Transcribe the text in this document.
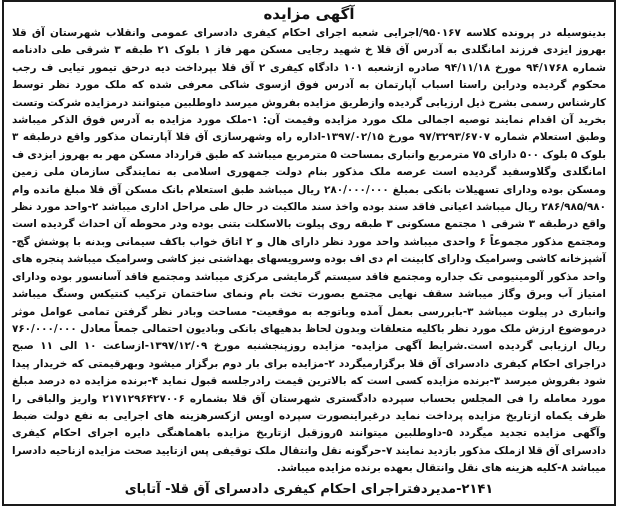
آگهی مزایده

بدینوسیله در پرونده کلاسه ۹۵۰۱۶۷/اجرایی شعبه اجرای احکام کیفری دادسرای عمومی وانقلاب شهرستان آق قلا بهروز ایزدی فرزند امانگلدی به آدرس آق قلا خ شهید رجایی مسکن مهر فاز ۱ بلوک ۲۱ طبقه ۳ شرقی طی دادنامه شماره ۹۴/۱۷۶۸ مورخ ۹۴/۱۱/۱۸ صادره ازشعبه ۱۰۱ دادگاه کیفری ۲ آق قلا بپرداخت دیه درحق تیمور تیایی ف رجب محکوم گردیده ودراین راستا اسباب آپارتمان به آدرس فوق ازسوی شاکی معرفی شده که ملک مورد نظر توسط کارشناس رسمی بشرح ذیل ارزیابی گردیده وازطریق مزایده بفروش میرسد داوطلبین میتوانند درمزایده شرکت وتست بخرید آن اقدام نمایند توصیه اجمالی ملک مورد مزایده وقیمت آن: ۱-ملک مورد مزایده به آدرس فوق الذکر میباشد وطبق استعلام شماره ۹۷/۳۲۹۳/۶۷۰۷ مورخ ۱۳۹۷/۰۲/۱۵-اداره راه وشهرسازی آق قلا آپارتمان مذکور واقع درطبقه ۳ بلوک ۵ بلوک ۵۰۰ دارای ۷۵ مترمربع وانباری بمساحت ۵ مترمربع میباشد که طبق قرارداد مسکن مهر به بهروز ایزدی ف امانگلدی وگلاوسفید گردیده است عرصه ملک مذکور بنام دولت جمهوری اسلامی به نمایندگی سازمان ملی زمین ومسکن بوده ودارای تسهیلات بانکی بمبلغ ۲۸۰/۰۰۰/۰۰۰ ریال میباشد طبق استعلام بانک مسکن آق قلا مبلغ مانده وام ۲۸۶/۹۸۵/۹۸۰ ریال میباشد اعیانی فاقد سند بوده واخذ سند مالکیت در حال طی مراحل اداری میباشد ۲-واحد مورد نظر واقع درطبقه ۳ شرقی ۱ مجتمع مسکونی ۳ طبقه روی پیلوت بالاسکلت بتنی بوده ودر محوطه آن احداث گردیده است ومجتمع مذکور مجموعاً ۶ واحدی میباشد واحد مورد نظر دارای هال و ۲ اتاق خواب باکف سیمانی وبدنه با پوشش گچ- آشپزخانه کاشی وسرامیک ودارای کابینت ام دی اف بوده وسرویسهای بهداشتی نیز کاشی وسرامیک میباشد پنجره های واحد مذکور آلومینیومی تک جداره ومجتمع فاقد سیستم گرمایشی مرکزی میباشد ومجتمع فاقد آسانسور بوده ودارای امتیاز آب وبرق وگاز میباشد سقف نهایی مجتمع بصورت تخت بام ونمای ساختمان ترکیب کنتیکس وسنگ میباشد وانباری در پیلوت میباشد ۳-بابررسی بعمل آمده وباتوجه به موقعیت- مساحت وبادر نظر گرفتن تمامی عوامل موثر درموضوع ارزش ملک مورد نظر باکلیه متعلقات وبدون لحاظ بدهیهای بانکی وبادیون احتمالی جمعاً معادل ۷۶۰/۰۰۰/۰۰۰ ریال ارزیابی گردیده است.شرایط آگهی مزایده- مزایده روزپنجشنبه مورخ ۱۳۹۷/۱۲/۰۹-ازساعت ۱۰ الی ۱۱ صبح دراجرای احکام کیفری دادسرای آق قلا برگزارمیگردد ۲-مزایده برای بار دوم برگزار میشود وبهرقیمتی که خریدار پیدا شود بفروش میرسد ۳-برنده مزایده کسی است که بالاترین قیمت رادرجلسه قبول نماید ۴-برنده مزایده ده درصد مبلغ مورد معامله را فی المجلس بحساب سپرده دادگستری شهرستان آق قلا بشماره ۲۱۷۱۲۹۶۴۲۷۰۰۶ واریز والباقی را ظرف یکماه ازتاریخ مزایده پرداخت نماید درغیراینصورت سپرده اویس ازکسرهزینه های اجرایی به نفع دولت ضبط وآگهی مزایده تجدید میگردد ۵-داوطلبین میتوانند ۵روزقبل ازتاریخ مزایده باهماهنگی دایره اجرای احکام کیفری دادسرای آق قلا ازملک مذکور بازدید نمایند ۷-حرگونه نقل وانتقال ملک توقیفی پس ازتایید صحت مزایده ازناحیه دادسرا میباشد ۸-کلیه هزینه های نقل وانتقال بعهده برنده مزایده میباشد.

۲۱۴۱-مدیردفتراجرای احکام کیفری دادسرای آق قلا- آتابای
